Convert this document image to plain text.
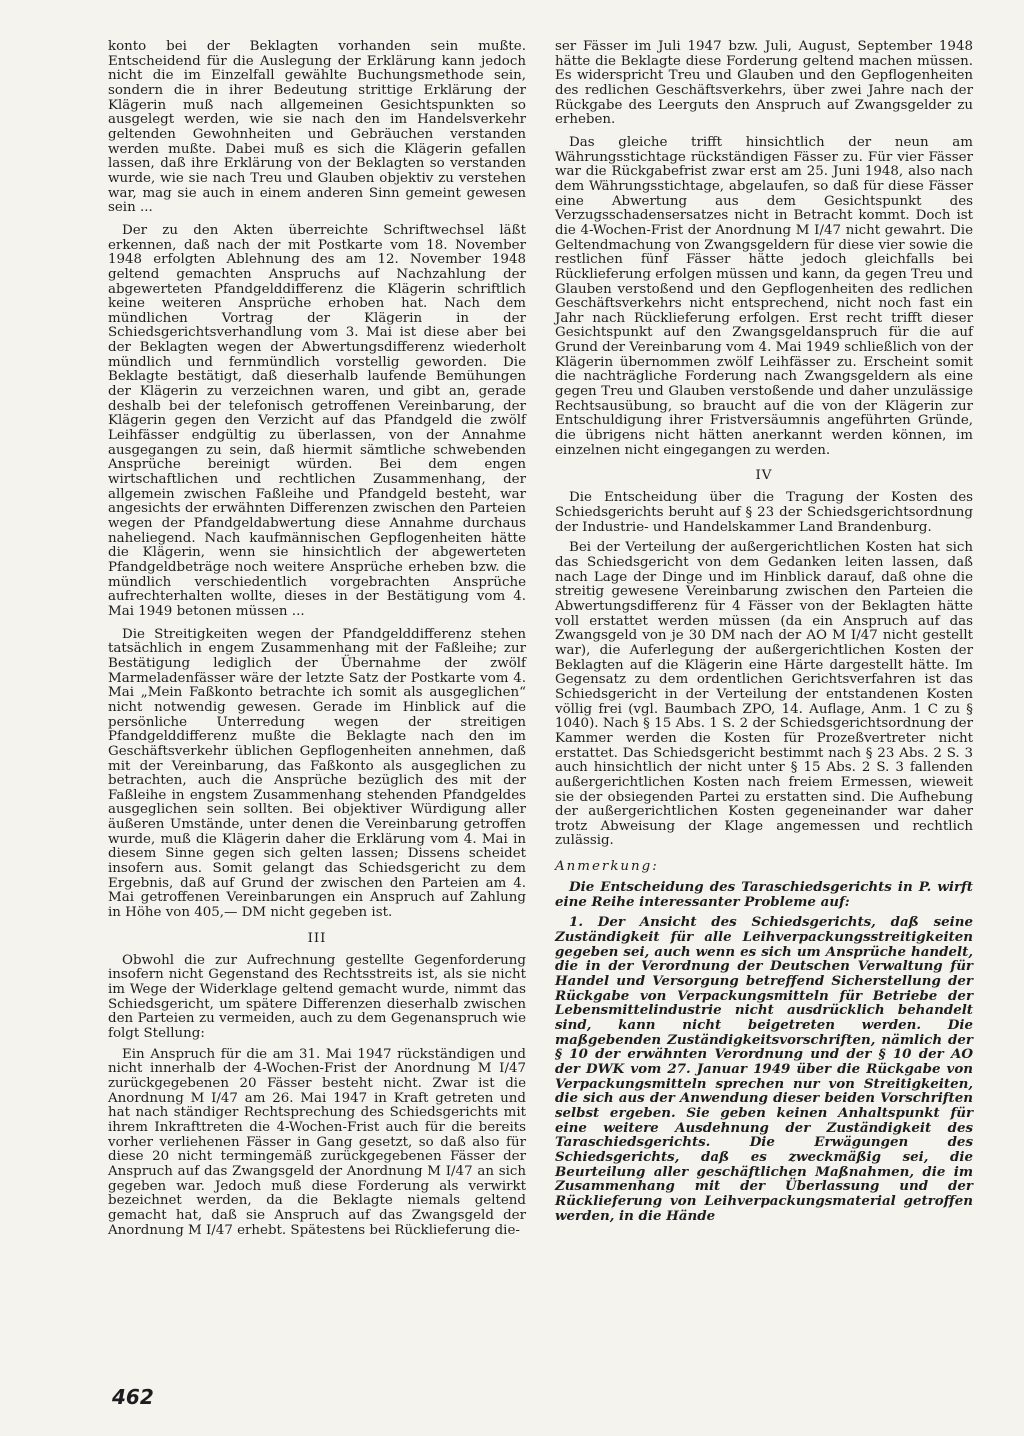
konto bei der Beklagten vorhanden sein mußte. Entscheidend für die Auslegung der Erklärung kann jedoch nicht die im Einzelfall gewählte Buchungsmethode sein, sondern die in ihrer Bedeutung strittige Erklärung der Klägerin muß nach allgemeinen Gesichtspunkten so ausgelegt werden, wie sie nach den im Handelsverkehr geltenden Gewohnheiten und Gebräuchen verstanden werden mußte. Dabei muß es sich die Klägerin gefallen lassen, daß ihre Erklärung von der Beklagten so verstanden wurde, wie sie nach Treu und Glauben objektiv zu verstehen war, mag sie auch in einem anderen Sinn gemeint gewesen sein ...

Der zu den Akten überreichte Schriftwechsel läßt erkennen, daß nach der mit Postkarte vom 18. November 1948 erfolgten Ablehnung des am 12. November 1948 geltend gemachten Anspruchs auf Nachzahlung der abgewerteten Pfandgelddifferenz die Klägerin schriftlich keine weiteren Ansprüche erhoben hat. Nach dem mündlichen Vortrag der Klägerin in der Schiedsgerichtsverhandlung vom 3. Mai ist diese aber bei der Beklagten wegen der Abwertungsdifferenz wiederholt mündlich und fernmündlich vorstellig geworden. Die Beklagte bestätigt, daß dieserhalb laufende Bemühungen der Klägerin zu verzeichnen waren, und gibt an, gerade deshalb bei der telefonisch getroffenen Vereinbarung, der Klägerin gegen den Verzicht auf das Pfandgeld die zwölf Leihfässer endgültig zu überlassen, von der Annahme ausgegangen zu sein, daß hiermit sämtliche schwebenden Ansprüche bereinigt würden. Bei dem engen wirtschaftlichen und rechtlichen Zusammenhang, der allgemein zwischen Faßleihe und Pfandgeld besteht, war angesichts der erwähnten Differenzen zwischen den Parteien wegen der Pfandgeldabwertung diese Annahme durchaus naheliegend. Nach kaufmännischen Gepflogenheiten hätte die Klägerin, wenn sie hinsichtlich der abgewerteten Pfandgeldbeträge noch weitere Ansprüche erheben bzw. die mündlich verschiedentlich vorgebrachten Ansprüche aufrechterhalten wollte, dieses in der Bestätigung vom 4. Mai 1949 betonen müssen ...

Die Streitigkeiten wegen der Pfandgelddifferenz stehen tatsächlich in engem Zusammenhang mit der Faßleihe; zur Bestätigung lediglich der Übernahme der zwölf Marmeladenfässer wäre der letzte Satz der Postkarte vom 4. Mai „Mein Faßkonto betrachte ich somit als ausgeglichen“ nicht notwendig gewesen. Gerade im Hinblick auf die persönliche Unterredung wegen der streitigen Pfandgelddifferenz mußte die Beklagte nach den im Geschäftsverkehr üblichen Gepflogenheiten annehmen, daß mit der Vereinbarung, das Faßkonto als ausgeglichen zu betrachten, auch die Ansprüche bezüglich des mit der Faßleihe in engstem Zusammenhang stehenden Pfandgeldes ausgeglichen sein sollten. Bei objektiver Würdigung aller äußeren Umstände, unter denen die Vereinbarung getroffen wurde, muß die Klägerin daher die Erklärung vom 4. Mai in diesem Sinne gegen sich gelten lassen; Dissens scheidet insofern aus. Somit gelangt das Schiedsgericht zu dem Ergebnis, daß auf Grund der zwischen den Parteien am 4. Mai getroffenen Vereinbarungen ein Anspruch auf Zahlung in Höhe von 405,— DM nicht gegeben ist.

III

Obwohl die zur Aufrechnung gestellte Gegenforderung insofern nicht Gegenstand des Rechtsstreits ist, als sie nicht im Wege der Widerklage geltend gemacht wurde, nimmt das Schiedsgericht, um spätere Differenzen dieserhalb zwischen den Parteien zu vermeiden, auch zu dem Gegenanspruch wie folgt Stellung:

Ein Anspruch für die am 31. Mai 1947 rückständigen und nicht innerhalb der 4-Wochen-Frist der Anordnung M I/47 zurückgegebenen 20 Fässer besteht nicht. Zwar ist die Anordnung M I/47 am 26. Mai 1947 in Kraft getreten und hat nach ständiger Rechtsprechung des Schiedsgerichts mit ihrem Inkrafttreten die 4-Wochen-Frist auch für die bereits vorher verliehenen Fässer in Gang gesetzt, so daß also für diese 20 nicht termingemäß zurückgegebenen Fässer der Anspruch auf das Zwangsgeld der Anordnung M I/47 an sich gegeben war. Jedoch muß diese Forderung als verwirkt bezeichnet werden, da die Beklagte niemals geltend gemacht hat, daß sie Anspruch auf das Zwangsgeld der Anordnung M I/47 erhebt. Spätestens bei Rücklieferung die-

ser Fässer im Juli 1947 bzw. Juli, August, September 1948 hätte die Beklagte diese Forderung geltend machen müssen. Es widerspricht Treu und Glauben und den Gepflogenheiten des redlichen Geschäftsverkehrs, über zwei Jahre nach der Rückgabe des Leerguts den Anspruch auf Zwangsgelder zu erheben.

Das gleiche trifft hinsichtlich der neun am Währungsstichtage rückständigen Fässer zu. Für vier Fässer war die Rückgabefrist zwar erst am 25. Juni 1948, also nach dem Währungsstichtage, abgelaufen, so daß für diese Fässer eine Abwertung aus dem Gesichtspunkt des Verzugsschadensersatzes nicht in Betracht kommt. Doch ist die 4-Wochen-Frist der Anordnung M I/47 nicht gewahrt. Die Geltendmachung von Zwangsgeldern für diese vier sowie die restlichen fünf Fässer hätte jedoch gleichfalls bei Rücklieferung erfolgen müssen und kann, da gegen Treu und Glauben verstoßend und den Gepflogenheiten des redlichen Geschäftsverkehrs nicht entsprechend, nicht noch fast ein Jahr nach Rücklieferung erfolgen. Erst recht trifft dieser Gesichtspunkt auf den Zwangsgeldanspruch für die auf Grund der Vereinbarung vom 4. Mai 1949 schließlich von der Klägerin übernommen zwölf Leihfässer zu. Erscheint somit die nachträgliche Forderung nach Zwangsgeldern als eine gegen Treu und Glauben verstoßende und daher unzulässige Rechtsausübung, so braucht auf die von der Klägerin zur Entschuldigung ihrer Fristversäumnis angeführten Gründe, die übrigens nicht hätten anerkannt werden können, im einzelnen nicht eingegangen zu werden.

IV

Die Entscheidung über die Tragung der Kosten des Schiedsgerichts beruht auf § 23 der Schiedsgerichtsordnung der Industrie- und Handelskammer Land Brandenburg.

Bei der Verteilung der außergerichtlichen Kosten hat sich das Schiedsgericht von dem Gedanken leiten lassen, daß nach Lage der Dinge und im Hinblick darauf, daß ohne die streitig gewesene Vereinbarung zwischen den Parteien die Abwertungsdifferenz für 4 Fässer von der Beklagten hätte voll erstattet werden müssen (da ein Anspruch auf das Zwangsgeld von je 30 DM nach der AO M I/47 nicht gestellt war), die Auferlegung der außergerichtlichen Kosten der Beklagten auf die Klägerin eine Härte dargestellt hätte. Im Gegensatz zu dem ordentlichen Gerichtsverfahren ist das Schiedsgericht in der Verteilung der entstandenen Kosten völlig frei (vgl. Baumbach ZPO, 14. Auflage, Anm. 1 C zu § 1040). Nach § 15 Abs. 1 S. 2 der Schiedsgerichtsordnung der Kammer werden die Kosten für Prozeßvertreter nicht erstattet. Das Schiedsgericht bestimmt nach § 23 Abs. 2 S. 3 auch hinsichtlich der nicht unter § 15 Abs. 2 S. 3 fallenden außergerichtlichen Kosten nach freiem Ermessen, wieweit sie der obsiegenden Partei zu erstatten sind. Die Aufhebung der außergerichtlichen Kosten gegeneinander war daher trotz Abweisung der Klage angemessen und rechtlich zulässig.

Anmerkung:

Die Entscheidung des Taraschiedsgerichts in P. wirft eine Reihe interessanter Probleme auf:

1. Der Ansicht des Schiedsgerichts, daß seine Zuständigkeit für alle Leihverpackungsstreitigkeiten gegeben sei, auch wenn es sich um Ansprüche handelt, die in der Verordnung der Deutschen Verwaltung für Handel und Versorgung betreffend Sicherstellung der Rückgabe von Verpackungsmitteln für Betriebe der Lebensmittelindustrie nicht ausdrücklich behandelt sind, kann nicht beigetreten werden. Die maßgebenden Zuständigkeitsvorschriften, nämlich der § 10 der erwähnten Verordnung und der § 10 der AO der DWK vom 27. Januar 1949 über die Rückgabe von Verpackungsmitteln sprechen nur von Streitigkeiten, die sich aus der Anwendung dieser beiden Vorschriften selbst ergeben. Sie geben keinen Anhaltspunkt für eine weitere Ausdehnung der Zuständigkeit des Taraschiedsgerichts. Die Erwägungen des Schiedsgerichts, daß es zweckmäßig sei, die Beurteilung aller geschäftlichen Maßnahmen, die im Zusammenhang mit der Überlassung und der Rücklieferung von Leihverpackungsmaterial getroffen werden, in die Hände

462
